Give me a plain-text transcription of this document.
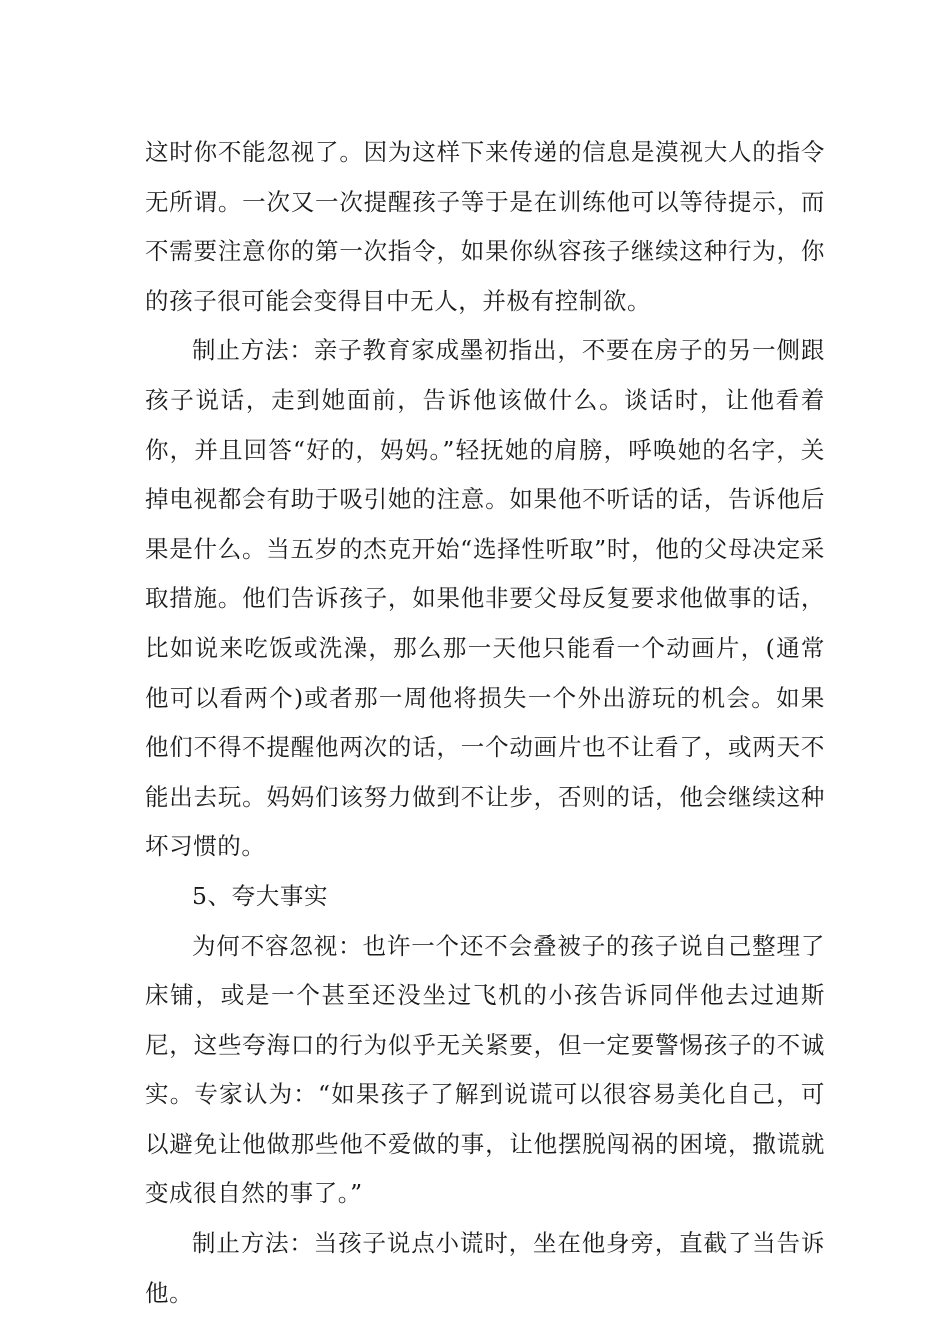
这时你不能忽视了。因为这样下来传递的信息是漠视大人的指令无所谓。一次又一次提醒孩子等于是在训练他可以等待提示，而不需要注意你的第一次指令，如果你纵容孩子继续这种行为，你的孩子很可能会变得目中无人，并极有控制欲。

制止方法：亲子教育家成墨初指出，不要在房子的另一侧跟孩子说话，走到她面前，告诉他该做什么。谈话时，让他看着你，并且回答“好的，妈妈。”轻抚她的肩膀，呼唤她的名字，关掉电视都会有助于吸引她的注意。如果他不听话的话，告诉他后果是什么。当五岁的杰克开始“选择性听取”时，他的父母决定采取措施。他们告诉孩子，如果他非要父母反复要求他做事的话，比如说来吃饭或洗澡，那么那一天他只能看一个动画片，(通常他可以看两个)或者那一周他将损失一个外出游玩的机会。如果他们不得不提醒他两次的话，一个动画片也不让看了，或两天不能出去玩。妈妈们该努力做到不让步，否则的话，他会继续这种坏习惯的。

5、夸大事实

为何不容忽视：也许一个还不会叠被子的孩子说自己整理了床铺，或是一个甚至还没坐过飞机的小孩告诉同伴他去过迪斯尼，这些夸海口的行为似乎无关紧要，但一定要警惕孩子的不诚实。专家认为：“如果孩子了解到说谎可以很容易美化自己，可以避免让他做那些他不爱做的事，让他摆脱闯祸的困境，撒谎就变成很自然的事了。”

制止方法：当孩子说点小谎时，坐在他身旁，直截了当告诉他。
